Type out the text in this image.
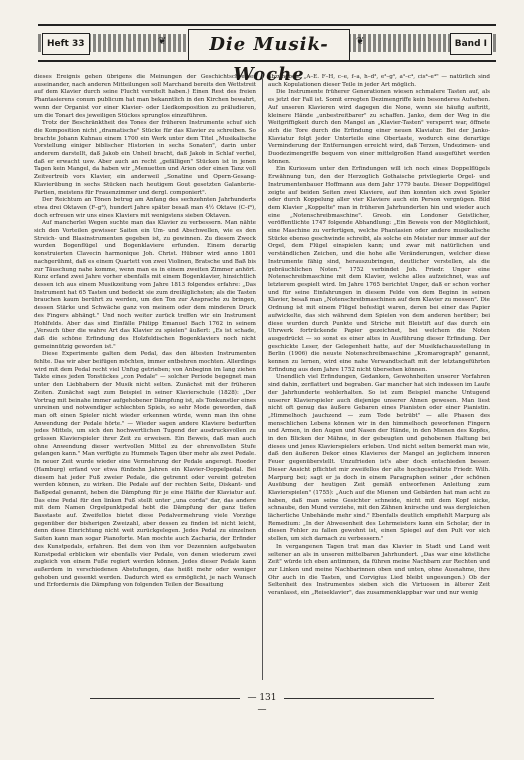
Heft 33	❦	Die Musik-Woche
❦	Band I

dieses Ereignis gehen übrigens die Meinungen der Geschichtschreiber auseinander, nach anderen Mitteilungen soll Marchand bereits den Wettstreit auf dem Klavier durch seine Flucht vereitelt haben.) Einen Rest des freien Phantasierens conum publicum hat man bekanntlich in den Kirchen bewahrt, wenn der Organist vor einer Klavier- oder Liedkomposition zu präludieren, um die Tonart des jeweiligen Stückes sprunglos einzuführen.

Trotz der Beschränktheit des Tones der früheren Instrumente schuf sich die Komposition nicht „dramatische" Stücke für das Klavier zu schreiben. So brachte Johann Kuhnau einem 1700 ein Werk unter dem Titel „Musikalische Vorstellung einiger biblischer Historien in sechs Sonaten", darin unter anderem darstellt, daß Jakob ein Unheil bracht, daß Jakob in Schlaf verfiel, daß er erwacht usw. Aber auch an recht „gefälligen" Stücken ist in jenen Tagen kein Mangel, da haben wir „Menuetten und Arien oder einen Tanz voll Zeitvertreib vors Klavier, ein anderweil „Sonatine und Opern-Gesang-Klavierübung in sechs Stücken nach heutigem Gout gesetzten Galanterie-Partien, meistens für Frauenzimmer und dergl. componiert".

Der Reichtum an Tönen betrug am Anfang des sechzehnten Jahrhunderts etwa drei Oktaven (F–g³), hundert Jahre später besaß man 4½ Oktave (C–f³), doch erfreuen wir uns eines Klaviers mit wenigstens sieben Oktaven.

Auf mancherlei Wegen suchte man das Klavier zu verbessern. Man nähte sich den Vorteilen gewisser Saiten ein Um- und Abschwellen, wie es den Streich- und Blasinstrumenten gegeben ist, zu gewinnen. Zu diesem Zweck wurden Bogenflügel und Bogenklaviere erfunden. Einem derartig konstruierten Clavecin harmonique Joh. Christ. Hübner wird anno 1801 nachgerühmt, daß es einem Quartett von zwei Violinen, Bratsche und Baß bis zur Täuschung nahe komme, wenn man es in einem zweiten Zimmer anhört. Kunz erfand zwei Jahre vorher ebenfalls mit einem Bogenklavier, hinsichtlich dessen ich aus einem Musikzeitung vom Jahre 1813 folgendes erfahre: „Das Instrument hat 65 Tasten und bedeckt sie zum dreißiglichsten; als die Tasten brauchen kaum berührt zu werden, um den Ton zur Ansprache zu bringen, dessen Stärke und Schwäche ganz von meinem oder dem minderen Druck des Fingers abhängt." Und noch weiter zurück treffen wir ein Instrument Hohlfelds. Aber das sind Einfälle Philipp Emanuel Bach 1762 in seinem „Versuch über die wahre Art das Klavier zu spielen" äußert: „Es ist schade, daß die schöne Erfindung des Holzfeldischen Bogenklaviers noch nicht gemeinnützig geworden ist."

Diese Experimente galten dem Pedal, das den ältesten Instrumenten fehlte. Das wir aber beifügen möchten, immer entbehren mochten. Allerdings wird mit dem Pedal recht viel Unfug getrieben; von Anbeginn im lang ziehen Takte eines jeden Tonstückes „con Pedale" — solcher Periode begegnet man unter den Liebhabern der Musik nicht selten. Zunächst mit der früheren Zeiten. Zunächst sagt zum Beispiel in seiner Klavierschule (1828): „Der Vortrag mit beinahe immer aufgehobener Dämpfung ist, als Tonkunstler eines unreinen und notwendiger schlechten Spiels, so sehr Mode geworden, daß man oft einen Spieler nicht wieder erkennen würde, wenn man ihn ohne Anwendung der Pedale hörte." — Wieder sagen andere Klaviere bedurften jedes Mittels, um sich den hochwertlichen Tugend der ausdrucksvollen zu grüssen Klavierspieler ihrer Zeit zu erweisen. Ein Beweis, daß man auch ohne Anwendung dieser wertvollen Mittel zu der ehrenvollsten Stufe gelangen kann." Man verfügte zu Hummels Tagen über mehr als zwei Pedale. In neuer Zeit wurde wieder eine Vermehrung der Pedale angeregt. Roeder (Hamburg) erfand vor etwa fünfzehn Jahren ein Klavier-Doppelpedal. Bei diesem hat jeder Fuß zweier Pedale, die getrennt oder vereint getreten werden können, zu wirken. Die Pedale auf der rechten Seite, Diskant- und Baßpedal genannt, heben die Dämpfung für je eine Hälfte der Klaviatur auf. Das eine Pedal für den linken Fuß stellt unter „una corda" dar, das andere mit dem Namen Orgelpunktpedal hebt die Dämpfung der ganz tiefen Basstaste auf. Zweifellos bietet diese Pedalvermehrung viele Vorzüge gegenüber der bisherigen Zweizahl, aber dessen zu finden ist nicht leicht, denn diese Einrichtung nicht weit zurückgelegen. Jedes Pedal zu einzelnen Saiten kann man sogar Pianoforte. Man mochte auch Zacharia, der Erfinder des Kunstpedals, erfahren. Bei dem von ihm vor Dezennien aufgebauten Kunstpedal erblicken wir ebenfalls vier Pedale, von denen wiederum zwei zugleich von einem Fuße regiert werden können. Jedes dieser Pedale kann außerdem in verschiedenen Abstufungen, das heißt mehr oder weniger gehoben und gesenkt werden. Dadurch wird es ermöglicht, je nach Wunsch und Erfordernis die Dämpfung von folgenden Teilen der Besaitung

abzuheben: „A–E. F–H, c–e, f–a, h–d³, e³–g³, a³–c⁴, cis⁴–e⁴" — natürlich sind auch Kopulationen dieser Teile in jeder Art möglich.

Die Instrumente früherer Generationen wiesen schmalere Tasten auf, als es jetzt der Fall ist. Somit erregten Dezimengriffe kein besonderes Aufsehen. Auf unseren Klavieren wird dagegen die None, wenn sie häufig auftritt, kleinere Hände „unbestreitbarer" zu schaffen. Janko, dem der Weg in die Weitgriffigkeit durch den Mangel an „Klavier-Tasten" versperrt war, öffnete sich die Tore durch die Erfindung einer neuen Klaviatur. Bei der Janko-Klaviatur folgt jeder Unterteile eine Obertaste, wodurch eine derartige Verminderung der Entfernungen erreicht wird, daß Terzen, Undezimen- und Duodezimengriffe bequem von einer mittelgroßen Hand ausgeführt werden können.

Ein Kuriosum unter den Erfindungen will ich noch eines Doppelflügels Erwähnung tun, den der Herzoglich Gothaische privilegierte Orgel- und Instrumentenbauer Hoffmann aus dem Jahr 1779 baute. Dieser Doppelflügel zeigte auf beiden Seiten zwei Klaviere, auf ihm konnten sich zwei Spieler oder durch Koppelung aller vier Klaviere auch ein Person vergnügen. Bild dem Klavier „Koppelte" man in früheren Jahrhunderten hin und wieder auch eine „Notenschreibmaschine". Greob. ein Londoner Geistlicher, veröffentlichte 1747 folgende Abhandlung: „Ein Beweis von der Möglichkeit, eine Maschine zu verfertigen, welche Phantasien oder andere musikalische Stücke ebenso geschwinde schreibt, als solche ein Meister nur immer auf der Orgel, dem Flügel einspielen kann; und zwar mit natürlichen und verständlichen Zeichen, und die hohe alle Veränderungen, welcher diese Instrumente fähig sind, herauszubringen, deutlicher verstellen, als die gebräuchlichen Noten." 1752 verbindet Joh. Friedr. Unger eine Notenschreibmaschine mit dem Klavier, welche alles aufzeichnet, was auf letzterem gespielt wird. Im Jahre 1765 berichtet Unger, daß er schon vorher und für seine Einfahrungen in diesem Felde von dem Beginn in seinen Klavier, besaß man „Notenschreibmaschinen auf dem Klavier zu messen". Die Ordnung ist mit einem Flügel befestigt waren, deren bei einer das Papier aufwickelte, das sich während dem Spielen von dem anderen herüber; bei diese wurden durch Punkte und Striche mit Bleistift auf das durch ein Uhrwerk fortrückende Papier gezeichnet, bei welchem die Noten ausgedrückt — so sonst es einer altes in Ausführung dieser Erfindung. Der geschickte Leser, der Gelegenheit hatte, auf der Musikfachausstellung in Berlin (1906) die neuste Notenschreibmaschine „Kromarograph" genannt, kennen zu lernen, wird eine nahe Verwandtschaft mit der letztangeführten Erfindung aus dem Jahre 1752 nicht übersehen können.

Unendlich viel Erfindungen, Gedanken, Gewohnheiten unserer Vorfahren sind dahin, zerflattert und begraben. Gar mancher hat sich indessen im Laufe der Jahrhunderte wohlerhalten. So ist zum Beispiel manche Untugend unserer Klavierspieler auch diejenige unserer Ahnen gewesen. Man liest nicht oft genug das äußere Gebaren eines Pianisten oder einer Pianistin. „Himmelhoch jauchzend — zum Tode betrübt" — alle Phasen des menschlichen Lebens können wir in den himmelhoch geworfenen Fingern und Armen, in den Augen und Nasen der Hände, in den Mienen des Kopfes, in den Blicken der Mähne, in der gebeugten und gehobenen Haltung bei dieses und jenes Klavierspielers erleben. Und nicht selten bemerkt man wie, daß den äußeren Dekor eines Klavieres der Mangel an jeglichem inneren Feuer gegenüberstellt. Unzufrieden ist's aber doch entschieden besser. Dieser Ansicht pflichtet mir zweifellos der alte hochgeschätzte Friedr. Wilh. Marpurg bei; sagt er ja doch in einem Paragraphen seiner „der schönen Ausübung der heutigen Zeit gemäß entworfenen Anleitung zum Klavierspielen" (1755): „Auch auf die Mienen und Gebärden hat man acht zu haben, daß man seine Gesichter schneide, nicht mit dem Kopf nicke, schnaube, den Mund verziehe, mit den Zähnen knirsche und was dergleichen lächerliche Unbehände mehr sind." Ebenfalls deutlich empfiehlt Marpurg als Remedium: „In der Abwesenheit des Lehrmeisters kann ein Scholar, der in diesen Fehler zu fallen gewohnt ist, einen Spiegel auf den Pult vor sich stellen, um sich darnach zu verbessern."

In vergangenen Tagen trat man das Klavier in Stadt und Land weit seltener an als in unseren mittelbaren Jahrhundert. „Das war eine köstliche Zeit" würde ich eben antimmen, da führen meine Nachbarn zur Rechten und zur Linken und meine Nachbarinnen oben und unten, ohne Ausnahme, ihre Ohr auch in die Tasten, und Corvigius Lied bleibt ungesungen.) Ob der Seltenheit des Instrumentes sieben sich die Virtuosen in älterer Zeit veranlasst, ein „Reiseklavier", das zusammenklappbar war und nur wenig

— 131 —
